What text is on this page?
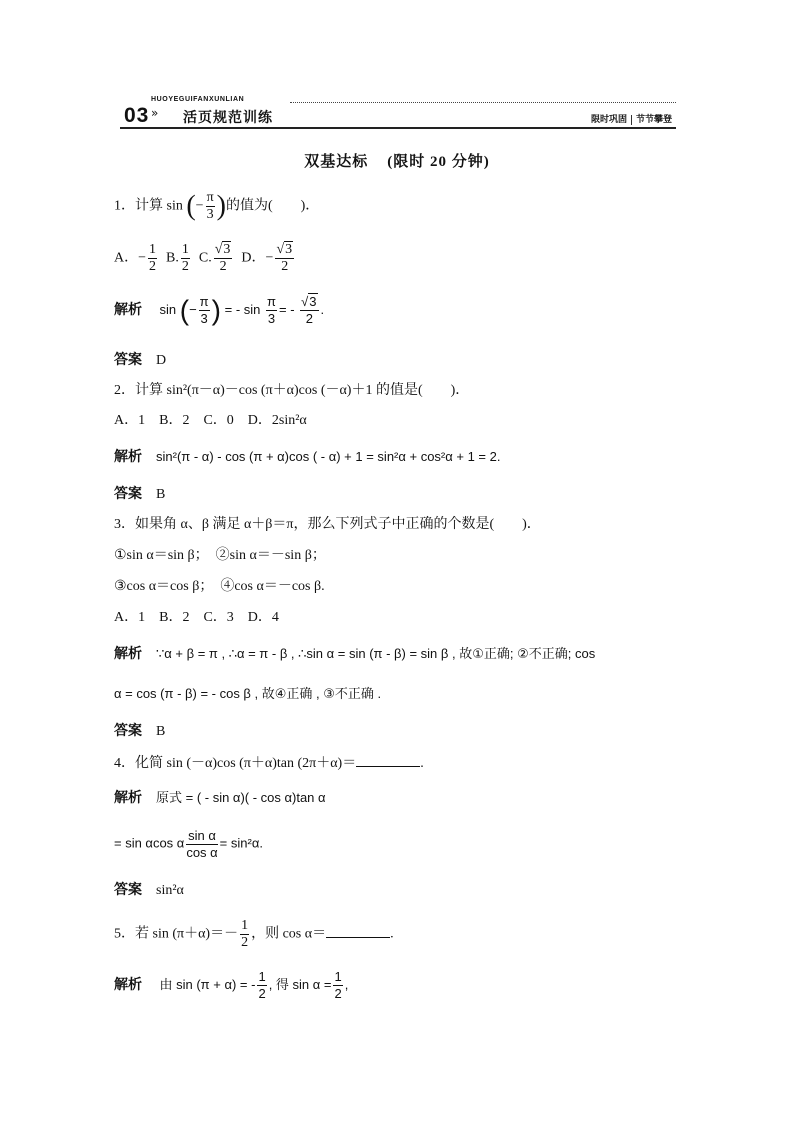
03
HUOYEGUIFANXUNLIAN
» 活页规范训练	限时巩固 节节攀登
双基达标 (限时 20 分钟)
1．计算 sin (− $\frac{\pi}{3}$ )的值为(　　)．
A．− $\frac{1}{2} B$. $\frac{1}{2} C$. $\frac{√3}{2}$ D．− $\frac{√3}{2}$
解析 sin (− $\frac{\pi}{3}$ ) = - $\sin \frac{\pi}{3}$ = - $\frac{√3}{2}$ .
答案 D
2．计算 sin²(π－α)－cos (π＋α)cos (－α)＋1 的值是(　　)．
A．1　B．2　C．0　D．2sin²α
解析 sin²(π - α) - cos (π + α)cos ( - α) + 1 = sin²α + cos²α + 1 = 2.
答案 B
3．如果角 α、β 满足 α＋β＝π，那么下列式子中正确的个数是(　　)．
①sin α＝sin β；　②sin α＝－sin β；
③cos α＝cos β；　④cos α＝－cos β.
A．1　B．2　C．3　D．4
解析 ∵α + β = π , ∴α = π - β , ∴sin α = sin (π - β) = sin β , 故①正确; ②不正确; cos
α = cos (π - β) = - cos β , 故④正确 , ③不正确 .
答案 B
4．化简 sin (－α)cos (π＋α)tan (2π＋α)＝	.
解析 原式 = ( - sin α)( - cos α)tan α
= sin αcos α $\frac{\text{sin α}}{\text{cos α}} = \sin^2\alpha$.
答案 sin²α
5．若 $\sin (\pi+\alpha)=- \frac{1}{2}$ ，则 cos α＝	.
解析 由 sin (π + α) = - $\frac{1}{2}$ , 得 $\sin \alpha = \frac{1}{2}$ ,
